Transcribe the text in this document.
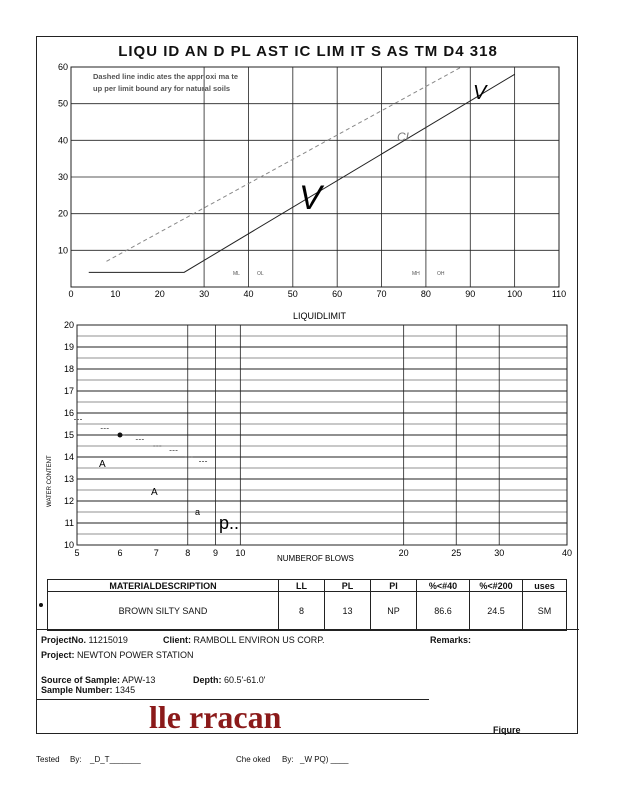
LIQU ID AN D PL AST IC LIM IT S AS TM D4 318
0	10	20	30	40	50	60	70	80	90	100	110
10
20
30
40
50
60
LIQUIDLIMIT
Dashed line indic ates the appr oxi ma te
up per limit bound ary for natural soils
ML	OL	MH	OH
CL
V
V
5	6	7	8	9 10	20	25	30	40
10
11
12
13
14
15
16
17
18
19
20
NUMBEROF BLOWS
WATER CONTENT	A
A
a
p..
MATERIALDESCRIPTION	LL	PL	PI	%<#40	%<#200	uses
BROWN SILTY SAND	8	13	NP	86.6	24.5	SM
ProjectNo. 11215019	Client: RAMBOLL ENVIRON US CORP.	Remarks:
Project: NEWTON POWER STATION
Source of Sample: APW-13	Depth: 60.5'-61.0'
Sample Number: 1345
lle rracan	Fiqure
Tested By: _D_T_______	Che oked By: _W PQ) ____
